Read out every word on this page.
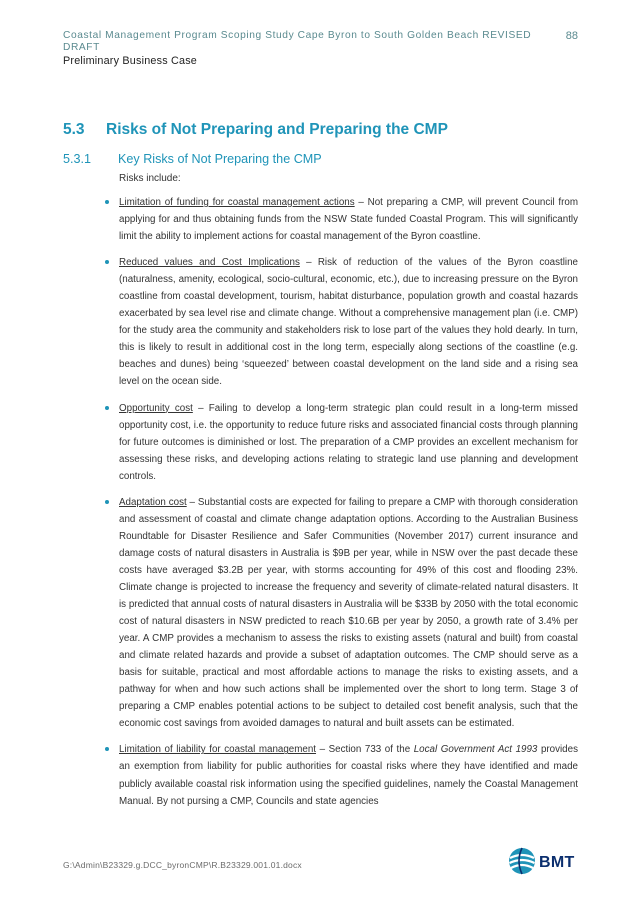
Coastal Management Program Scoping Study Cape Byron to South Golden Beach REVISED DRAFT
88
Preliminary Business Case
5.3 Risks of Not Preparing and Preparing the CMP
5.3.1 Key Risks of Not Preparing the CMP
Risks include:
Limitation of funding for coastal management actions – Not preparing a CMP, will prevent Council from applying for and thus obtaining funds from the NSW State funded Coastal Program. This will significantly limit the ability to implement actions for coastal management of the Byron coastline.
Reduced values and Cost Implications – Risk of reduction of the values of the Byron coastline (naturalness, amenity, ecological, socio-cultural, economic, etc.), due to increasing pressure on the Byron coastline from coastal development, tourism, habitat disturbance, population growth and coastal hazards exacerbated by sea level rise and climate change. Without a comprehensive management plan (i.e. CMP) for the study area the community and stakeholders risk to lose part of the values they hold dearly. In turn, this is likely to result in additional cost in the long term, especially along sections of the coastline (e.g. beaches and dunes) being ‘squeezed’ between coastal development on the land side and a rising sea level on the ocean side.
Opportunity cost – Failing to develop a long-term strategic plan could result in a long-term missed opportunity cost, i.e. the opportunity to reduce future risks and associated financial costs through planning for future outcomes is diminished or lost. The preparation of a CMP provides an excellent mechanism for assessing these risks, and developing actions relating to strategic land use planning and development controls.
Adaptation cost – Substantial costs are expected for failing to prepare a CMP with thorough consideration and assessment of coastal and climate change adaptation options. According to the Australian Business Roundtable for Disaster Resilience and Safer Communities (November 2017) current insurance and damage costs of natural disasters in Australia is $9B per year, while in NSW over the past decade these costs have averaged $3.2B per year, with storms accounting for 49% of this cost and flooding 23%. Climate change is projected to increase the frequency and severity of climate-related natural disasters. It is predicted that annual costs of natural disasters in Australia will be $33B by 2050 with the total economic cost of natural disasters in NSW predicted to reach $10.6B per year by 2050, a growth rate of 3.4% per year. A CMP provides a mechanism to assess the risks to existing assets (natural and built) from coastal and climate related hazards and provide a subset of adaptation outcomes. The CMP should serve as a basis for suitable, practical and most affordable actions to manage the risks to existing assets, and a pathway for when and how such actions shall be implemented over the short to long term. Stage 3 of preparing a CMP enables potential actions to be subject to detailed cost benefit analysis, such that the economic cost savings from avoided damages to natural and built assets can be estimated.
Limitation of liability for coastal management – Section 733 of the Local Government Act 1993 provides an exemption from liability for public authorities for coastal risks where they have identified and made publicly available coastal risk information using the specified guidelines, namely the Coastal Management Manual. By not pursing a CMP, Councils and state agencies
G:\Admin\B23329.g.DCC_byronCMP\R.B23329.001.01.docx	BMT
